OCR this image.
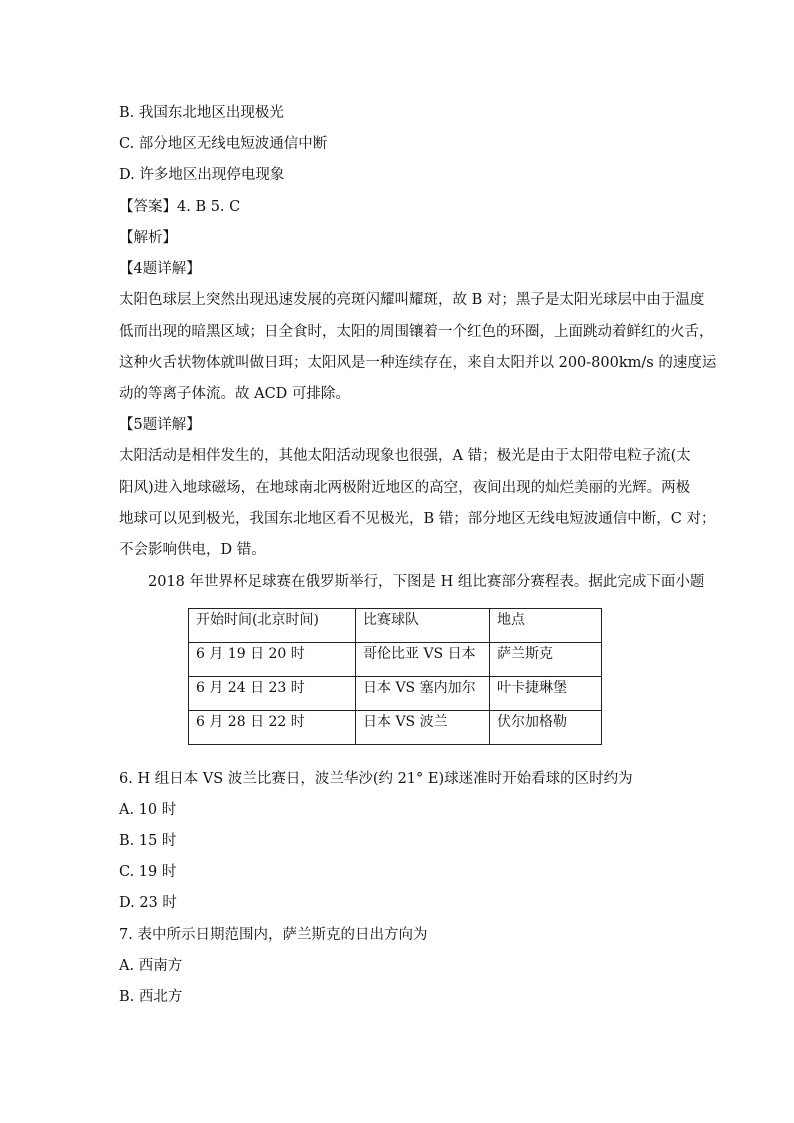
B. 我国东北地区出现极光
C. 部分地区无线电短波通信中断
D. 许多地区出现停电现象
【答案】4. B 5. C
【解析】
【4题详解】
太阳色球层上突然出现迅速发展的亮斑闪耀叫耀斑，故 B 对；黑子是太阳光球层中由于温度
低而出现的暗黑区域；日全食时，太阳的周围镶着一个红色的环圈，上面跳动着鲜红的火舌，
这种火舌状物体就叫做日珥；太阳风是一种连续存在，来自太阳并以 200-800km/s 的速度运
动的等离子体流。故 ACD 可排除。
【5题详解】
太阳活动是相伴发生的，其他太阳活动现象也很强，A 错；极光是由于太阳带电粒子流(太
阳风)进入地球磁场，在地球南北两极附近地区的高空，夜间出现的灿烂美丽的光辉。两极
地球可以见到极光，我国东北地区看不见极光，B 错；部分地区无线电短波通信中断，C 对；
不会影响供电，D 错。
2018 年世界杯足球赛在俄罗斯举行，下图是 H 组比赛部分赛程表。据此完成下面小题
开始时间(北京时间)	比赛球队	地点
6 月 19 日 20 时	哥伦比亚 VS 日本	萨兰斯克
6 月 24 日 23 时	日本 VS 塞内加尔	叶卡捷琳堡
6 月 28 日 22 时	日本 VS 波兰	伏尔加格勒
6. H 组日本 VS 波兰比赛日，波兰华沙(约 21° E)球迷准时开始看球的区时约为
A. 10 时
B. 15 时
C. 19 时
D. 23 时
7. 表中所示日期范围内，萨兰斯克的日出方向为
A. 西南方
B. 西北方
